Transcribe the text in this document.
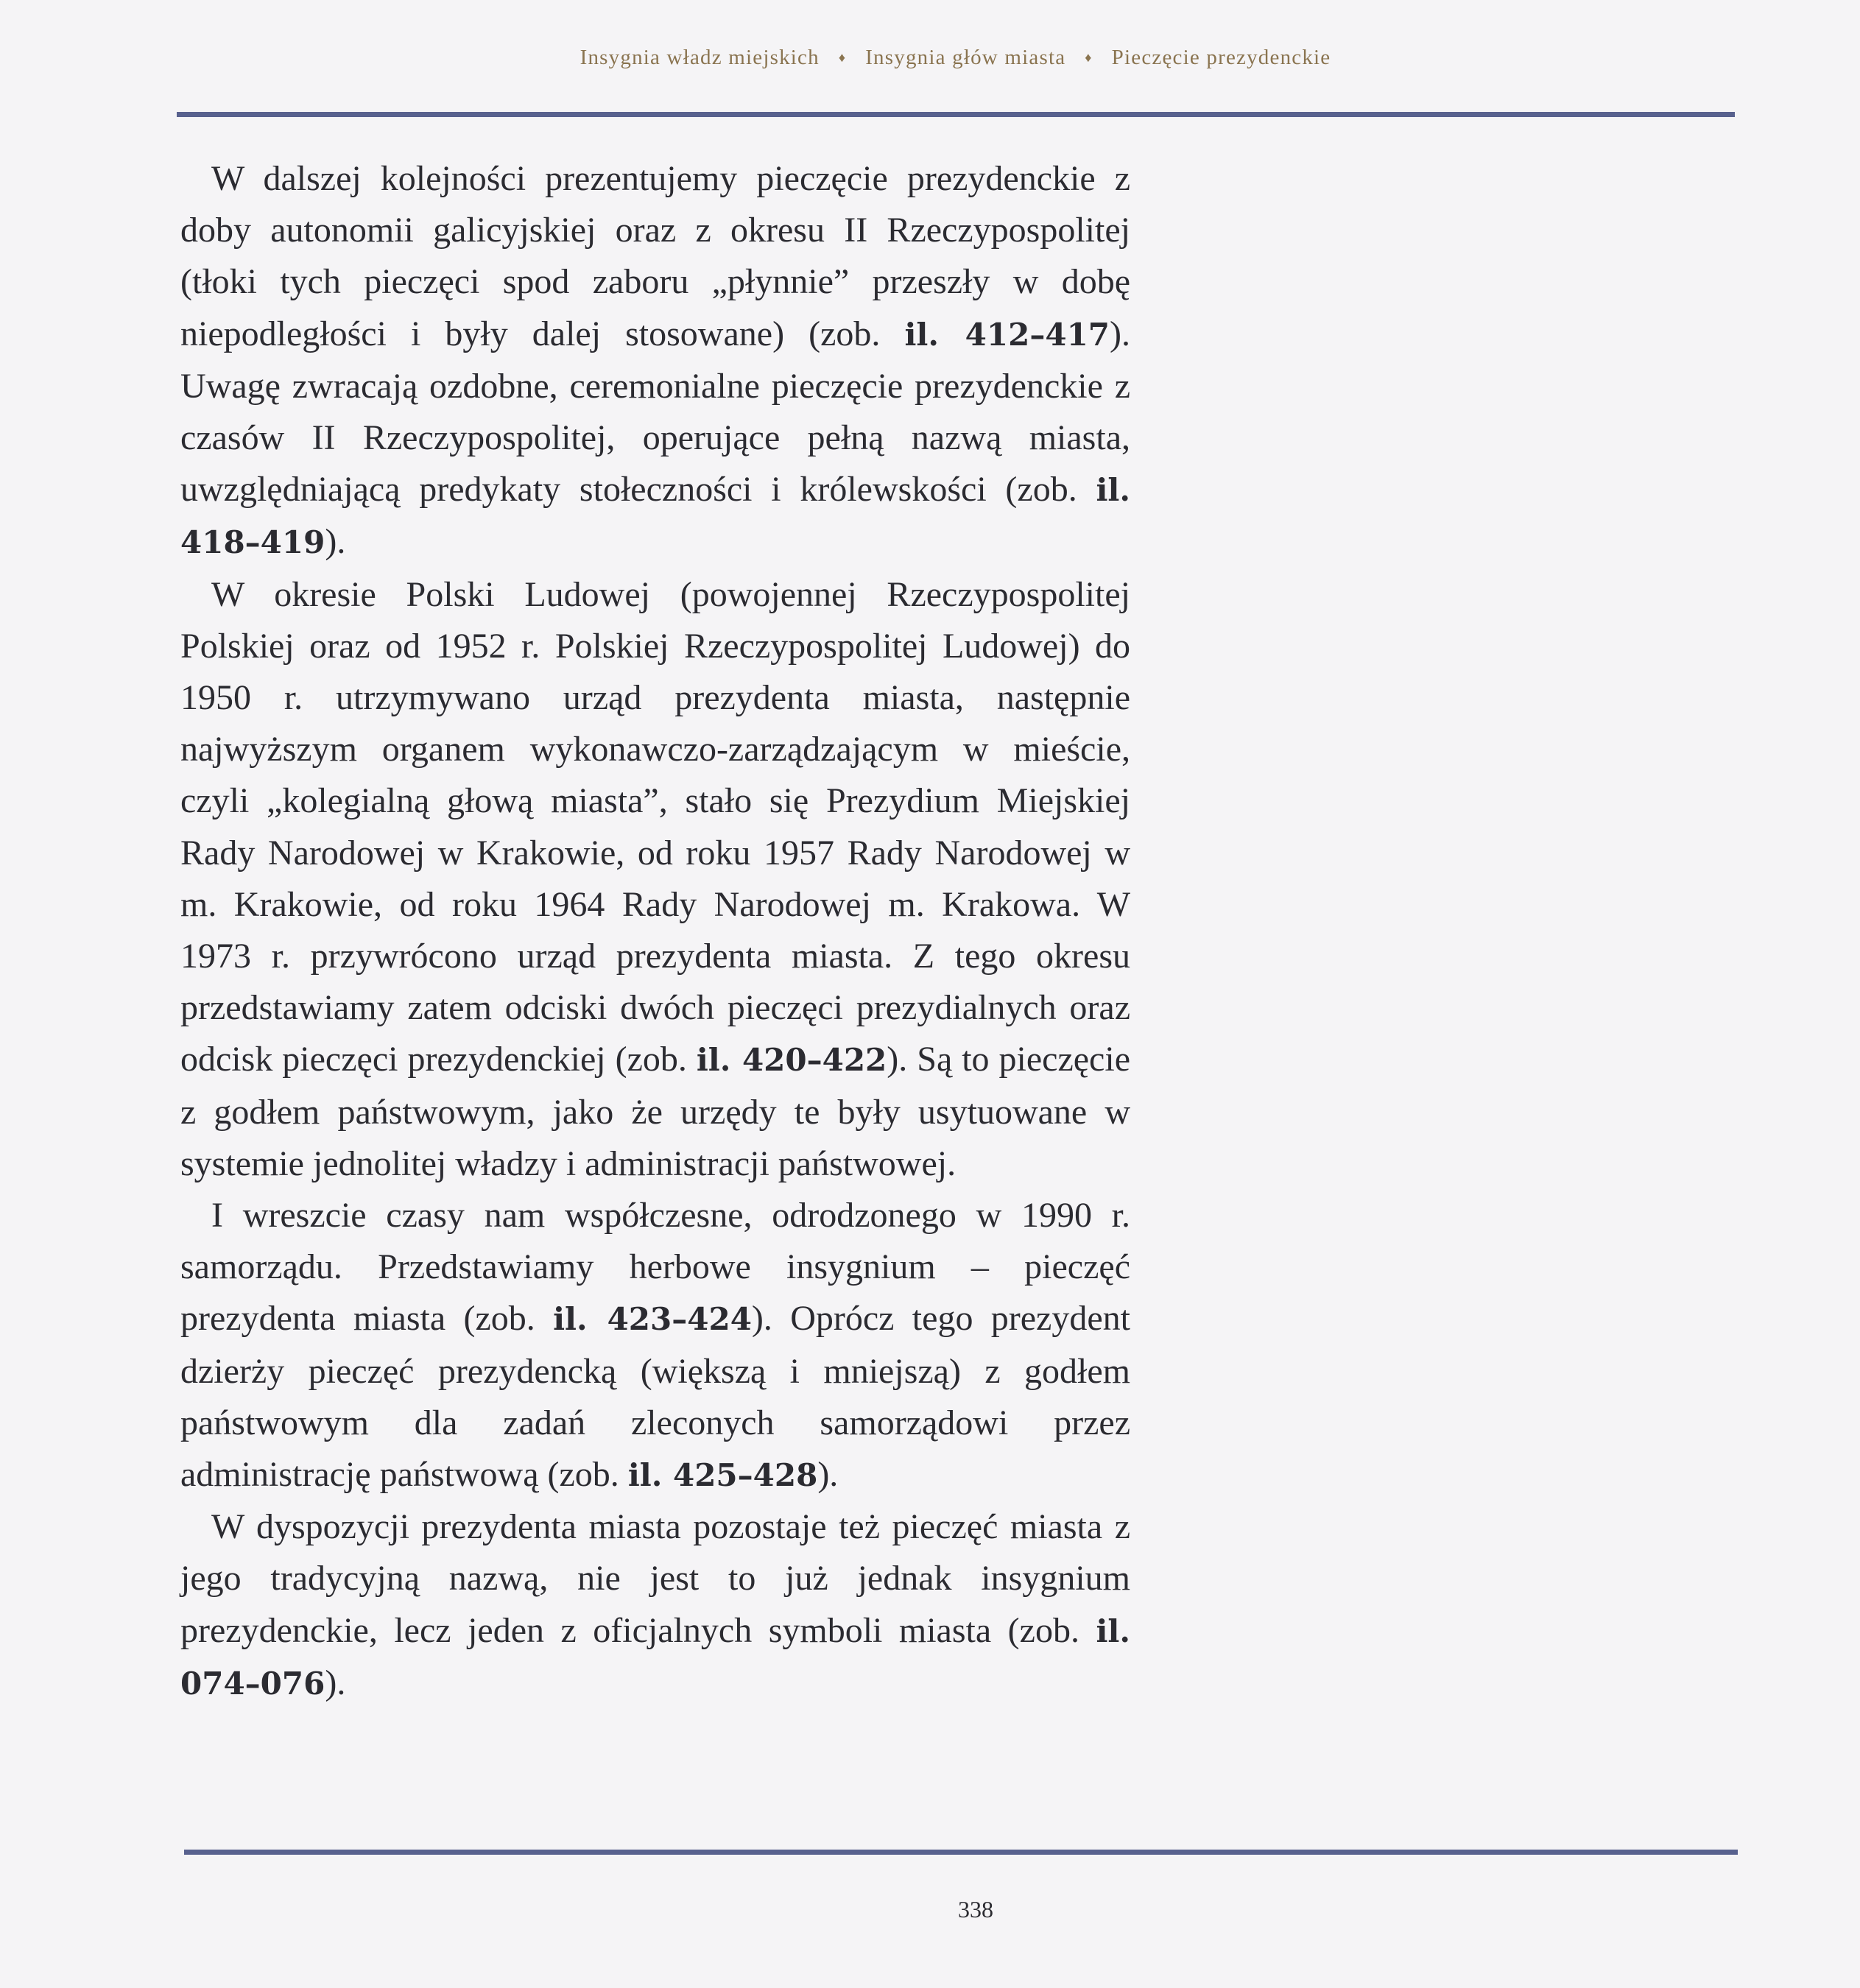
Insygnia władz miejskich ♦ Insygnia głów miasta ♦ Pieczęcie prezydenckie

W dalszej kolejności prezentujemy pieczęcie prezydenckie z doby autonomii galicyjskiej oraz z okresu II Rzeczypospolitej (tłoki tych pieczęci spod zaboru „płynnie” przeszły w dobę niepodległości i były dalej stosowane) (zob. il. 412–417). Uwagę zwracają ozdobne, ceremonialne pieczęcie prezydenckie z czasów II Rzeczypospolitej, operujące pełną nazwą miasta, uwzględniającą predykaty stołeczności i królewskości (zob. il. 418–419).

W okresie Polski Ludowej (powojennej Rzeczypospolitej Polskiej oraz od 1952 r. Polskiej Rzeczypospolitej Ludowej) do 1950 r. utrzymywano urząd prezydenta miasta, następnie najwyższym organem wykonawczo-zarządzającym w mieście, czyli „kolegialną głową miasta”, stało się Prezydium Miejskiej Rady Narodowej w Krakowie, od roku 1957 Rady Narodowej w m. Krakowie, od roku 1964 Rady Narodowej m. Krakowa. W 1973 r. przywrócono urząd prezydenta miasta. Z tego okresu przedstawiamy zatem odciski dwóch pieczęci prezydialnych oraz odcisk pieczęci prezydenckiej (zob. il. 420–422). Są to pieczęcie z godłem państwowym, jako że urzędy te były usytuowane w systemie jednolitej władzy i administracji państwowej.

I wreszcie czasy nam współczesne, odrodzonego w 1990 r. samorządu. Przedstawiamy herbowe insygnium – pieczęć prezydenta miasta (zob. il. 423–424). Oprócz tego prezydent dzierży pieczęć prezydencką (większą i mniejszą) z godłem państwowym dla zadań zleconych samorządowi przez administrację państwową (zob. il. 425–428).

W dyspozycji prezydenta miasta pozostaje też pieczęć miasta z jego tradycyjną nazwą, nie jest to już jednak insygnium prezydenckie, lecz jeden z oficjalnych symboli miasta (zob. il. 074–076).

338
